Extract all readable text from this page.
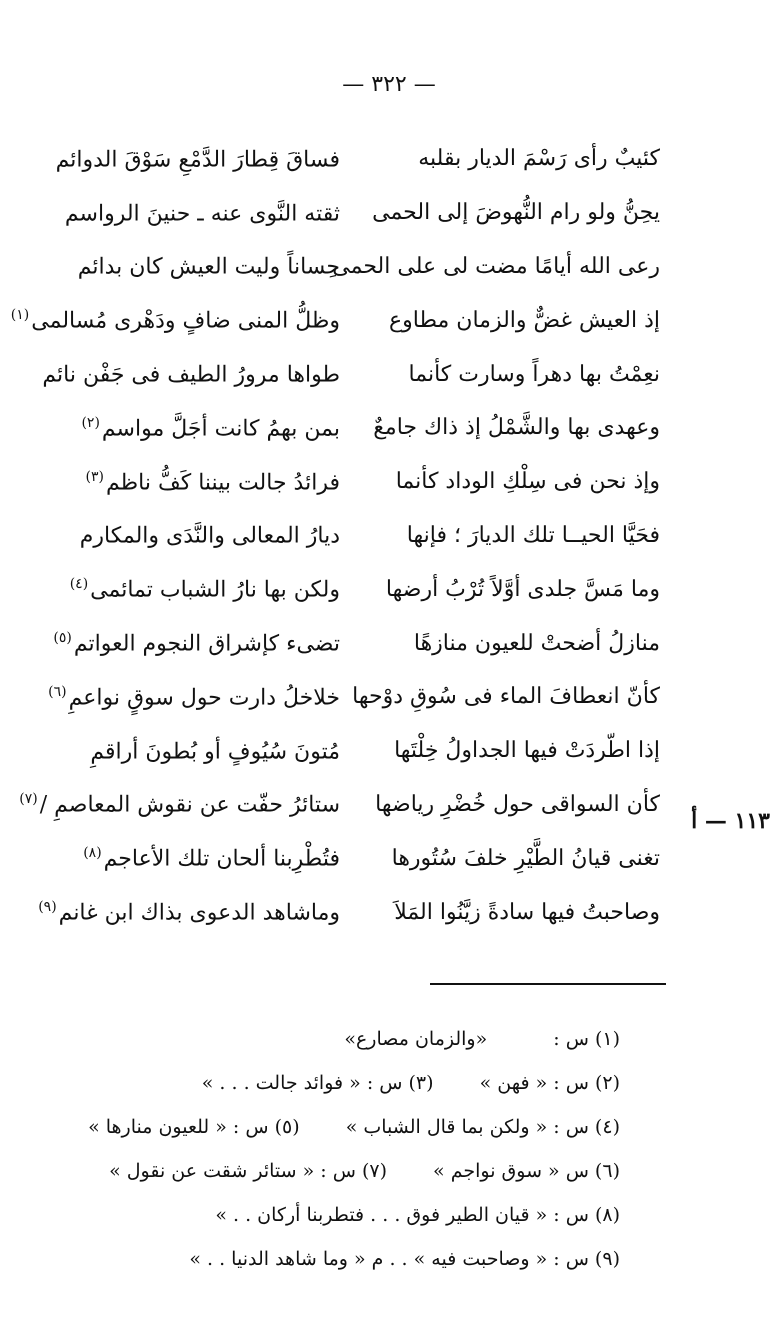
— ٣٢٢ —
كئيبٌ رأى رَسْمَ الديار بقلبه
فساقَ قِطارَ الدَّمْعِ سَوْقَ الدوائم
يحِنُّ ولو رام النُّهوضَ إلى الحمى
ثقته النَّوى عنه ـ حنينَ الرواسم
رعى الله أيامًا مضت لى على الحمى
حِساناً وليت العيش كان بدائم
إذ العيش غضٌّ والزمان مطاوع
وظلُّ المنى ضافٍ ودَهْرى مُسالمى$^{(١)}$
نعِمْتُ بها دهراً وسارت كأنما
طواها مرورُ الطيف فى جَفْن نائم
وعهدى بها والشَّمْلُ إذ ذاك جامعٌ
بمن بهمُ كانت أجَلَّ مواسم$^{(٢)}$
وإذ نحن فى سِلْكِ الوداد كأنما
فرائدُ جالت بيننا كَفُّ ناظم$^{(٣)}$
فحَيَّا الحيــا تلك الديارَ ؛ فإنها
ديارُ المعالى والنَّدَى والمكارم
وما مَسَّ جلدى أوَّلاً تُرْبُ أرضها
ولكن بها نارُ الشباب تمائمى$^{(٤)}$
منازلُ أضحتْ للعيون منازهًا
تضىء كإشراق النجوم العواتم$^{(٥)}$
كأنّ انعطافَ الماء فى سُوقِ دوْحها
خلاخلُ دارت حول سوقٍ نواعمِ$^{(٦)}$
إذا اطّردَتْ فيها الجداولُ خِلْتَها
مُتونَ سُيُوفٍ أو بُطونَ أراقمِ
كأن السواقى حول خُضْرِ رياضها
ستائرُ حفّت عن نقوش المعاصمِ /$^{(٧)}$
تغنى قيانُ الطَّيْرِ خلفَ سُتُورها
فتُطْرِبنا ألحان تلك الأعاجم$^{(٨)}$
وصاحبتُ فيها سادةً زيَّنُوا المَلاَ
وماشاهد الدعوى بذاك ابن غانم$^{(٩)}$
١١٣ — أ
(١) س : «والزمان مصارع»
(٢) س : « فهن » (٣) س : « فوائد جالت . . . »
(٤) س : « ولكن بما قال الشباب » (٥) س : « للعيون منارها »
(٦) س « سوق نواجم » (٧) س : « ستائر شقت عن نقول »
(٨) س : « قيان الطير فوق . . . فتطربنا أركان . . »
(٩) س : « وصاحبت فيه » . . م « وما شاهد الدنيا . . »
